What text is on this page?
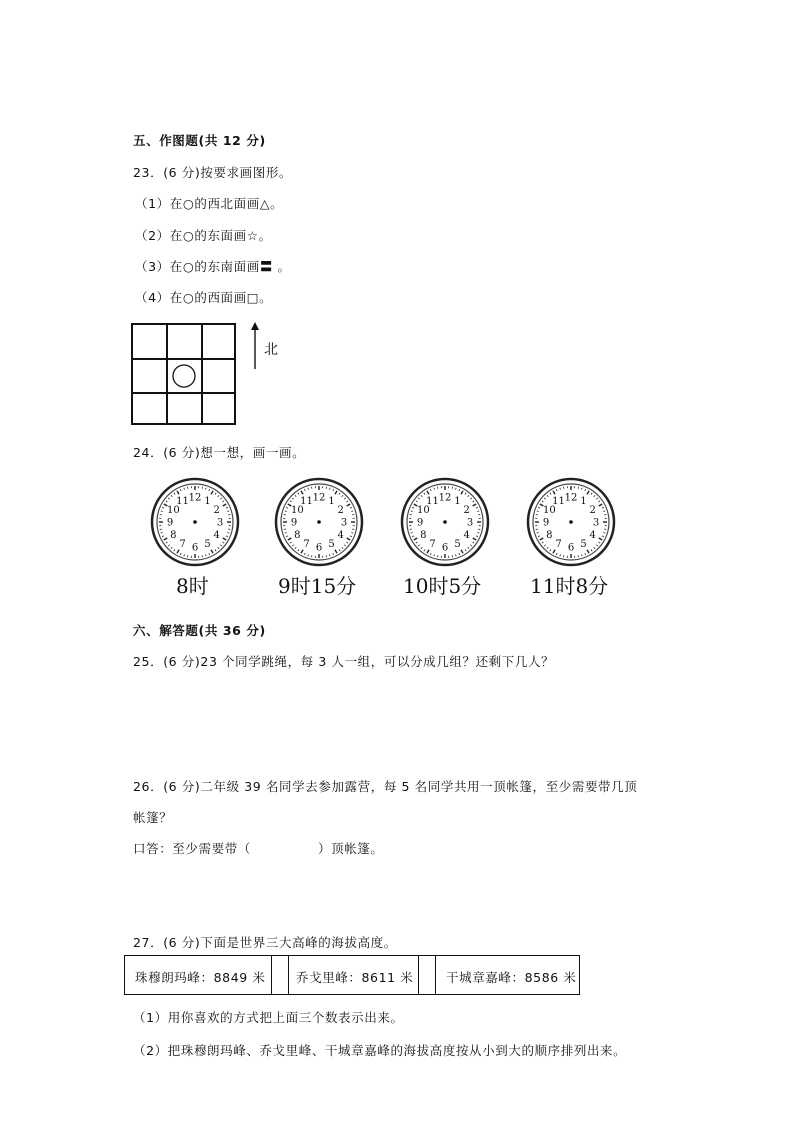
五、作图题(共 12 分)
23．(6 分)按要求画图形。
（1）在○的西北面画△。
（2）在○的东面画☆。
（3）在○的东南面画〓 。
（4）在○的西面画□。
北
24．(6 分)想一想，画一画。
12 1
2
3
4
5
6
7
8
9
10
11	12 1
2
3
4
5
6
7
8
9
10
11	12 1
2
3
4
5
6
7
8
9
10
11	12 1
2
3
4
5
6
7
8
9
10
11
8时	9时15分 10时5分 11时8分
六、解答题(共 36 分)
25．(6 分)23 个同学跳绳，每 3 人一组，可以分成几组？还剩下几人？
26．(6 分)二年级 39 名同学去参加露营，每 5 名同学共用一顶帐篷，至少需要带几顶
帐篷？
口答：至少需要带（	）顶帐篷。
27．(6 分)下面是世界三大高峰的海拔高度。
珠穆朗玛峰：8849 米 乔戈里峰：8611 米	干城章嘉峰：8586 米
（1）用你喜欢的方式把上面三个数表示出来。
（2）把珠穆朗玛峰、乔戈里峰、干城章嘉峰的海拔高度按从小到大的顺序排列出来。
